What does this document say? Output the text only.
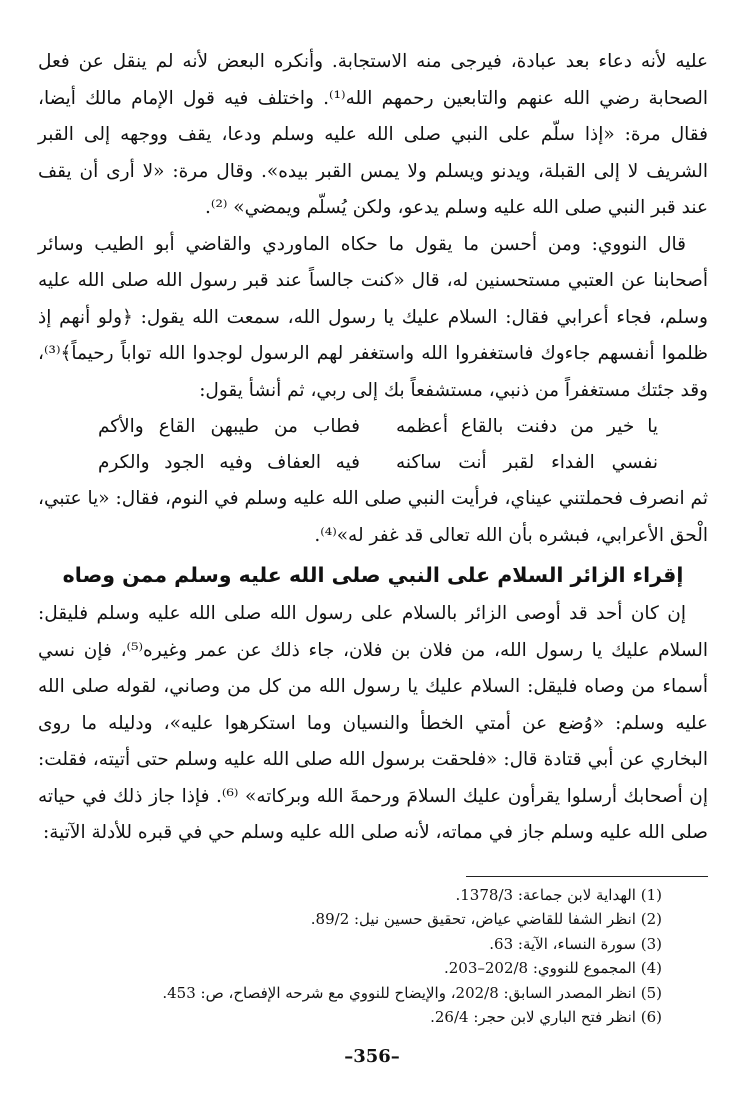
عليه لأنه دعاء بعد عبادة، فيرجى منه الاستجابة. وأنكره البعض لأنه لم ينقل عن فعل الصحابة رضي الله عنهم والتابعين رحمهم الله⁽¹⁾. واختلف فيه قول الإمام مالك أيضا، فقال مرة: «إذا سلّم على النبي صلى الله عليه وسلم ودعا، يقف ووجهه إلى القبر الشريف لا إلى القبلة، ويدنو ويسلم ولا يمس القبر بيده». وقال مرة: «لا أرى أن يقف عند قبر النبي صلى الله عليه وسلم يدعو، ولكن يُسلّم ويمضي» ⁽²⁾.

قال النووي: ومن أحسن ما يقول ما حكاه الماوردي والقاضي أبو الطيب وسائر أصحابنا عن العتبي مستحسنين له، قال «كنت جالساً عند قبر رسول الله صلى الله عليه وسلم، فجاء أعرابي فقال: السلام عليك يا رسول الله، سمعت الله يقول: ﴿ولو أنهم إذ ظلموا أنفسهم جاءوك فاستغفروا الله واستغفر لهم الرسول لوجدوا الله تواباً رحيماً﴾⁽³⁾، وقد جئتك مستغفراً من ذنبي، مستشفعاً بك إلى ربي، ثم أنشأ يقول:

يا خير من دفنت بالقاع أعظمه
فطاب من طيبهن القاع والأكم
نفسي الفداء لقبر أنت ساكنه
فيه العفاف وفيه الجود والكرم

ثم انصرف فحملتني عيناي، فرأيت النبي صلى الله عليه وسلم في النوم، فقال: «يا عتبي، الْحق الأعرابي، فبشره بأن الله تعالى قد غفر له»⁽⁴⁾.

إقراء الزائر السلام على النبي صلى الله عليه وسلم ممن وصاه

إن كان أحد قد أوصى الزائر بالسلام على رسول الله صلى الله عليه وسلم فليقل: السلام عليك يا رسول الله، من فلان بن فلان، جاء ذلك عن عمر وغيره⁽⁵⁾، فإن نسي أسماء من وصاه فليقل: السلام عليك يا رسول الله من كل من وصاني، لقوله صلى الله عليه وسلم: «وُضع عن أمتي الخطأ والنسيان وما استكرهوا عليه»، ودليله ما روى البخاري عن أبي قتادة قال: «فلحقت برسول الله صلى الله عليه وسلم حتى أتيته، فقلت: إن أصحابك أرسلوا يقرأون عليك السلامَ ورحمةَ الله وبركاته» ⁽⁶⁾. فإذا جاز ذلك في حياته صلى الله عليه وسلم جاز في مماته، لأنه صلى الله عليه وسلم حي في قبره للأدلة الآتية:

(1) الهداية لابن جماعة: 1378/3.
(2) انظر الشفا للقاضي عياض، تحقيق حسين نيل: 89/2.
(3) سورة النساء، الآية: 63.
(4) المجموع للنووي: 202/8–203.
(5) انظر المصدر السابق: 202/8، والإيضاح للنووي مع شرحه الإفصاح، ص: 453.
(6) انظر فتح الباري لابن حجر: 26/4.
–356–
